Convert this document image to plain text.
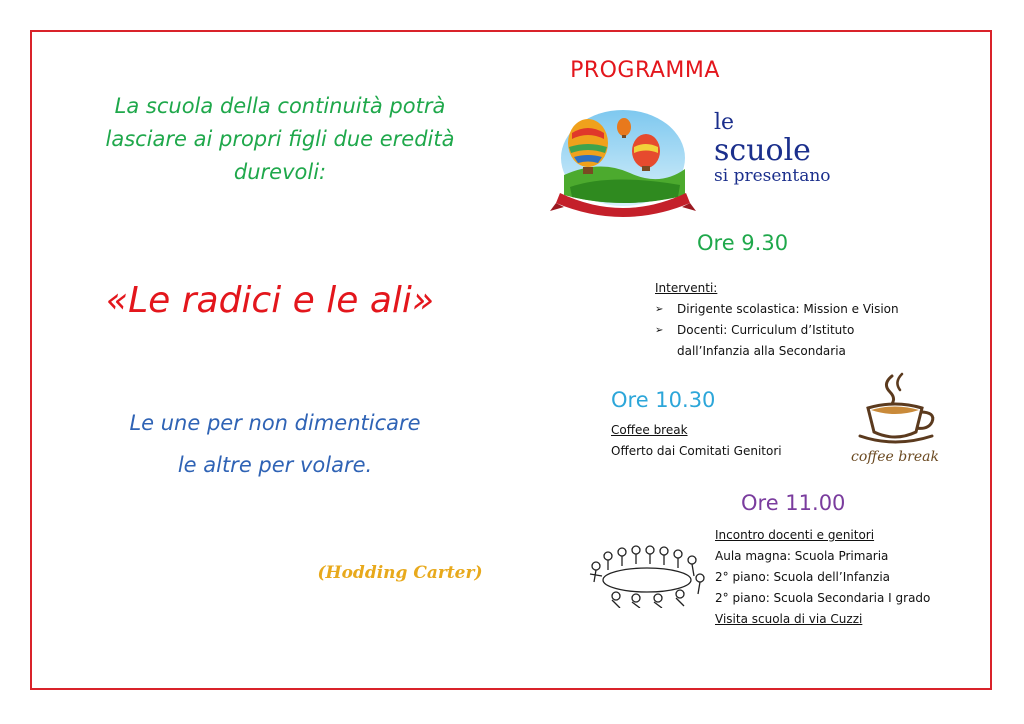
La scuola della continuità potrà
lasciare ai propri figli due eredità
durevoli:
«Le radici e le ali»
Le une per non dimenticare
le altre per volare.
(Hodding Carter)
PROGRAMMA
le
scuole
si presentano
Ore 9.30
Interventi:
➢	Dirigente scolastica: Mission e Vision
➢	Docenti: Curriculum d’Istituto
dall’Infanzia alla Secondaria
Ore 10.30
Coffee break
Offerto dai Comitati Genitori	coffee break
Ore 11.00
Incontro docenti e genitori
Aula magna: Scuola Primaria
2° piano: Scuola dell’Infanzia
2° piano: Scuola Secondaria I grado
Visita scuola di via Cuzzi
